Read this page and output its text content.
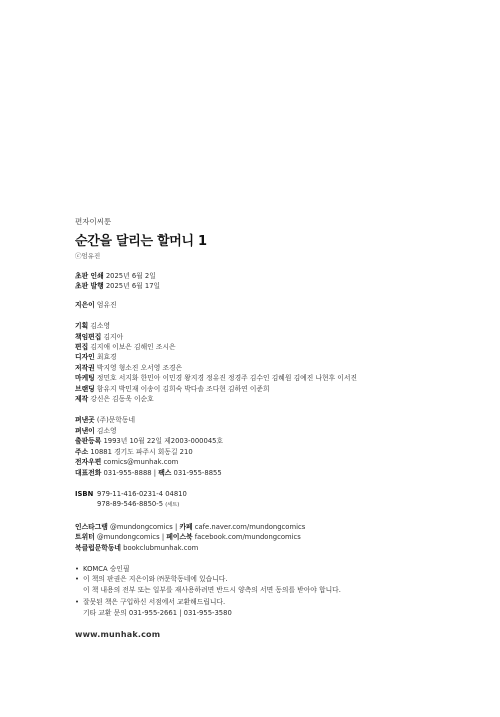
편자이씨툰
순간을 달리는 할머니 1
ⓒ엄유진
초판 인쇄 2025년 6월 2일
초판 발행 2025년 6월 17일
지은이 엄유진
기획 김소영
책임편집 김지아
편집 김지애 이보은 김해인 조시은
디자인 최효경
저작권 박지영 형소진 오서영 조경은
마케팅 정민호 서지화 한민아 이민경 왕지경 정유진 정경주 김수인 김혜원 김예진 나현후 이서진
브랜딩 함유지 박민재 이송이 김희숙 박다솔 조다현 김하연 이준희
제작 강신은 김동욱 이순호
펴낸곳 (주)문학동네
펴낸이 김소영
출판등록 1993년 10월 22일 제2003-000045호
주소 10881 경기도 파주시 회동길 210
전자우편 comics@munhak.com
대표전화 031-955-8888 | 팩스 031-955-8855
ISBN 979-11-416-0231-4 04810
978-89-546-8850-5 (세트)
인스타그램 @mundongcomics | 카페 cafe.naver.com/mundongcomics
트위터 @mundongcomics | 페이스북 facebook.com/mundongcomics
북클럽문학동네 bookclubmunhak.com
• KOMCA 승인필
• 이 책의 판권은 지은이와 ㈜문학동네에 있습니다.
이 책 내용의 전부 또는 일부를 재사용하려면 반드시 양측의 서면 동의를 받아야 합니다.
• 잘못된 책은 구입하신 서점에서 교환해드립니다.
기타 교환 문의 031-955-2661 | 031-955-3580
www.munhak.com
